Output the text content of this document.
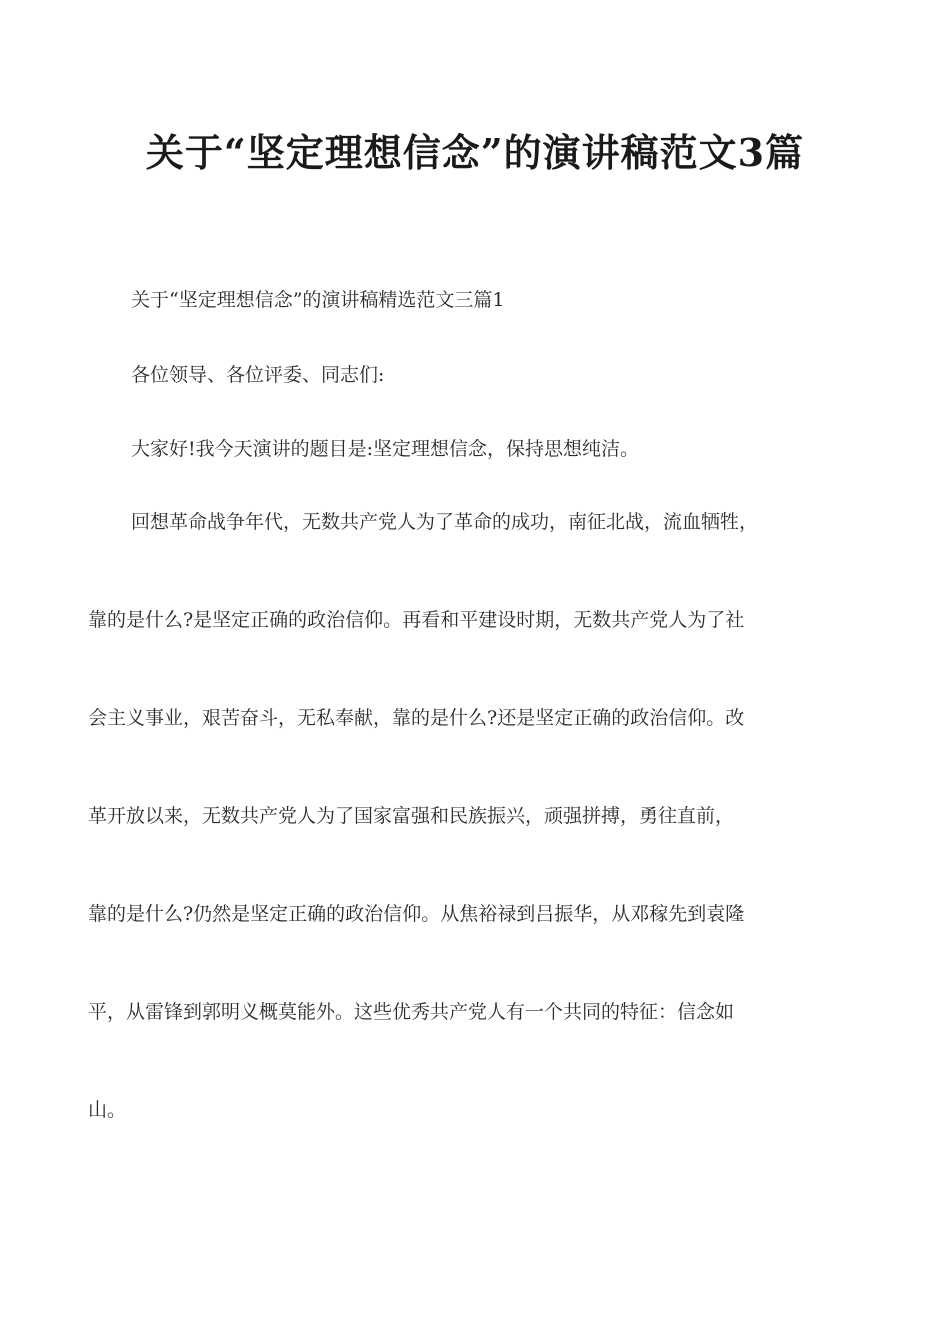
关于“坚定理想信念”的演讲稿范文3篇

关于“坚定理想信念”的演讲稿精选范文三篇1

各位领导、各位评委、同志们:

大家好!我今天演讲的题目是:坚定理想信念，保持思想纯洁。

回想革命战争年代，无数共产党人为了革命的成功，南征北战，流血牺牲，
靠的是什么?是坚定正确的政治信仰。再看和平建设时期，无数共产党人为了社
会主义事业，艰苦奋斗，无私奉献，靠的是什么?还是坚定正确的政治信仰。改
革开放以来，无数共产党人为了国家富强和民族振兴，顽强拼搏，勇往直前，
靠的是什么?仍然是坚定正确的政治信仰。从焦裕禄到吕振华，从邓稼先到袁隆
平，从雷锋到郭明义概莫能外。这些优秀共产党人有一个共同的特征：信念如
山。
